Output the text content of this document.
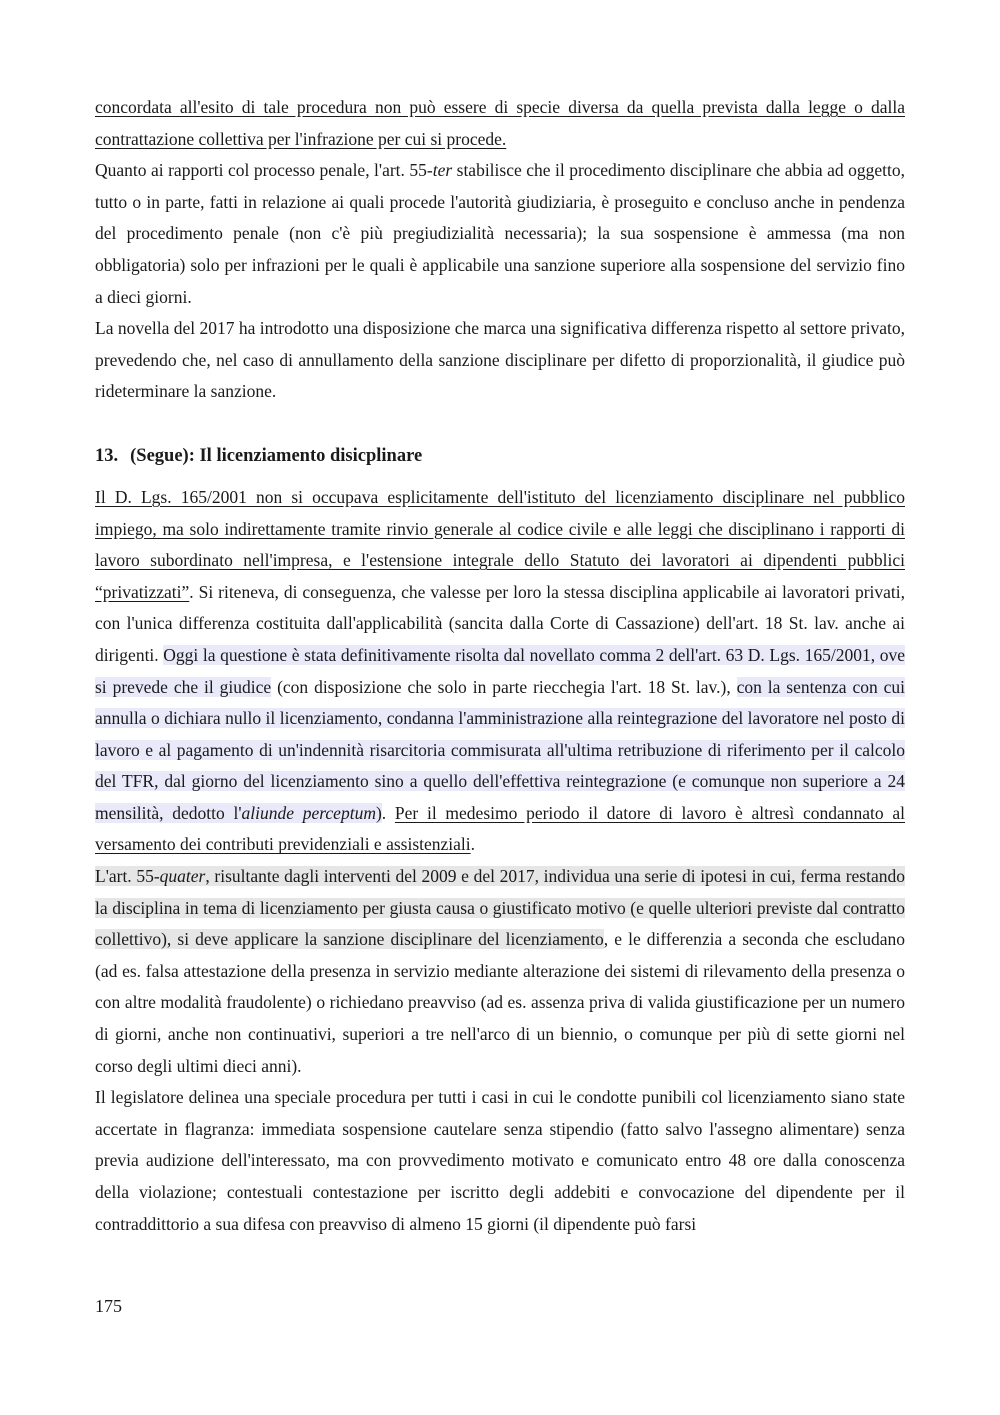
concordata all'esito di tale procedura non può essere di specie diversa da quella prevista dalla legge o dalla contrattazione collettiva per l'infrazione per cui si procede.

Quanto ai rapporti col processo penale, l'art. 55-ter stabilisce che il procedimento disciplinare che abbia ad oggetto, tutto o in parte, fatti in relazione ai quali procede l'autorità giudiziaria, è proseguito e concluso anche in pendenza del procedimento penale (non c'è più pregiudizialità necessaria); la sua sospensione è ammessa (ma non obbligatoria) solo per infrazioni per le quali è applicabile una sanzione superiore alla sospensione del servizio fino a dieci giorni.

La novella del 2017 ha introdotto una disposizione che marca una significativa differenza rispetto al settore privato, prevedendo che, nel caso di annullamento della sanzione disciplinare per difetto di proporzionalità, il giudice può rideterminare la sanzione.

13. (Segue): Il licenziamento disicplinare

Il D. Lgs. 165/2001 non si occupava esplicitamente dell'istituto del licenziamento disciplinare nel pubblico impiego, ma solo indirettamente tramite rinvio generale al codice civile e alle leggi che disciplinano i rapporti di lavoro subordinato nell'impresa, e l'estensione integrale dello Statuto dei lavoratori ai dipendenti pubblici “privatizzati”. Si riteneva, di conseguenza, che valesse per loro la stessa disciplina applicabile ai lavoratori privati, con l'unica differenza costituita dall'applicabilità (sancita dalla Corte di Cassazione) dell'art. 18 St. lav. anche ai dirigenti. Oggi la questione è stata definitivamente risolta dal novellato comma 2 dell'art. 63 D. Lgs. 165/2001, ove si prevede che il giudice (con disposizione che solo in parte riecchegia l'art. 18 St. lav.), con la sentenza con cui annulla o dichiara nullo il licenziamento, condanna l'amministrazione alla reintegrazione del lavoratore nel posto di lavoro e al pagamento di un'indennità risarcitoria commisurata all'ultima retribuzione di riferimento per il calcolo del TFR, dal giorno del licenziamento sino a quello dell'effettiva reintegrazione (e comunque non superiore a 24 mensilità, dedotto l'aliunde perceptum). Per il medesimo periodo il datore di lavoro è altresì condannato al versamento dei contributi previdenziali e assistenziali.

L'art. 55-quater, risultante dagli interventi del 2009 e del 2017, individua una serie di ipotesi in cui, ferma restando la disciplina in tema di licenziamento per giusta causa o giustificato motivo (e quelle ulteriori previste dal contratto collettivo), si deve applicare la sanzione disciplinare del licenziamento, e le differenzia a seconda che escludano (ad es. falsa attestazione della presenza in servizio mediante alterazione dei sistemi di rilevamento della presenza o con altre modalità fraudolente) o richiedano preavviso (ad es. assenza priva di valida giustificazione per un numero di giorni, anche non continuativi, superiori a tre nell'arco di un biennio, o comunque per più di sette giorni nel corso degli ultimi dieci anni).

Il legislatore delinea una speciale procedura per tutti i casi in cui le condotte punibili col licenziamento siano state accertate in flagranza: immediata sospensione cautelare senza stipendio (fatto salvo l'assegno alimentare) senza previa audizione dell'interessato, ma con provvedimento motivato e comunicato entro 48 ore dalla conoscenza della violazione; contestuali contestazione per iscritto degli addebiti e convocazione del dipendente per il contraddittorio a sua difesa con preavviso di almeno 15 giorni (il dipendente può farsi

175
